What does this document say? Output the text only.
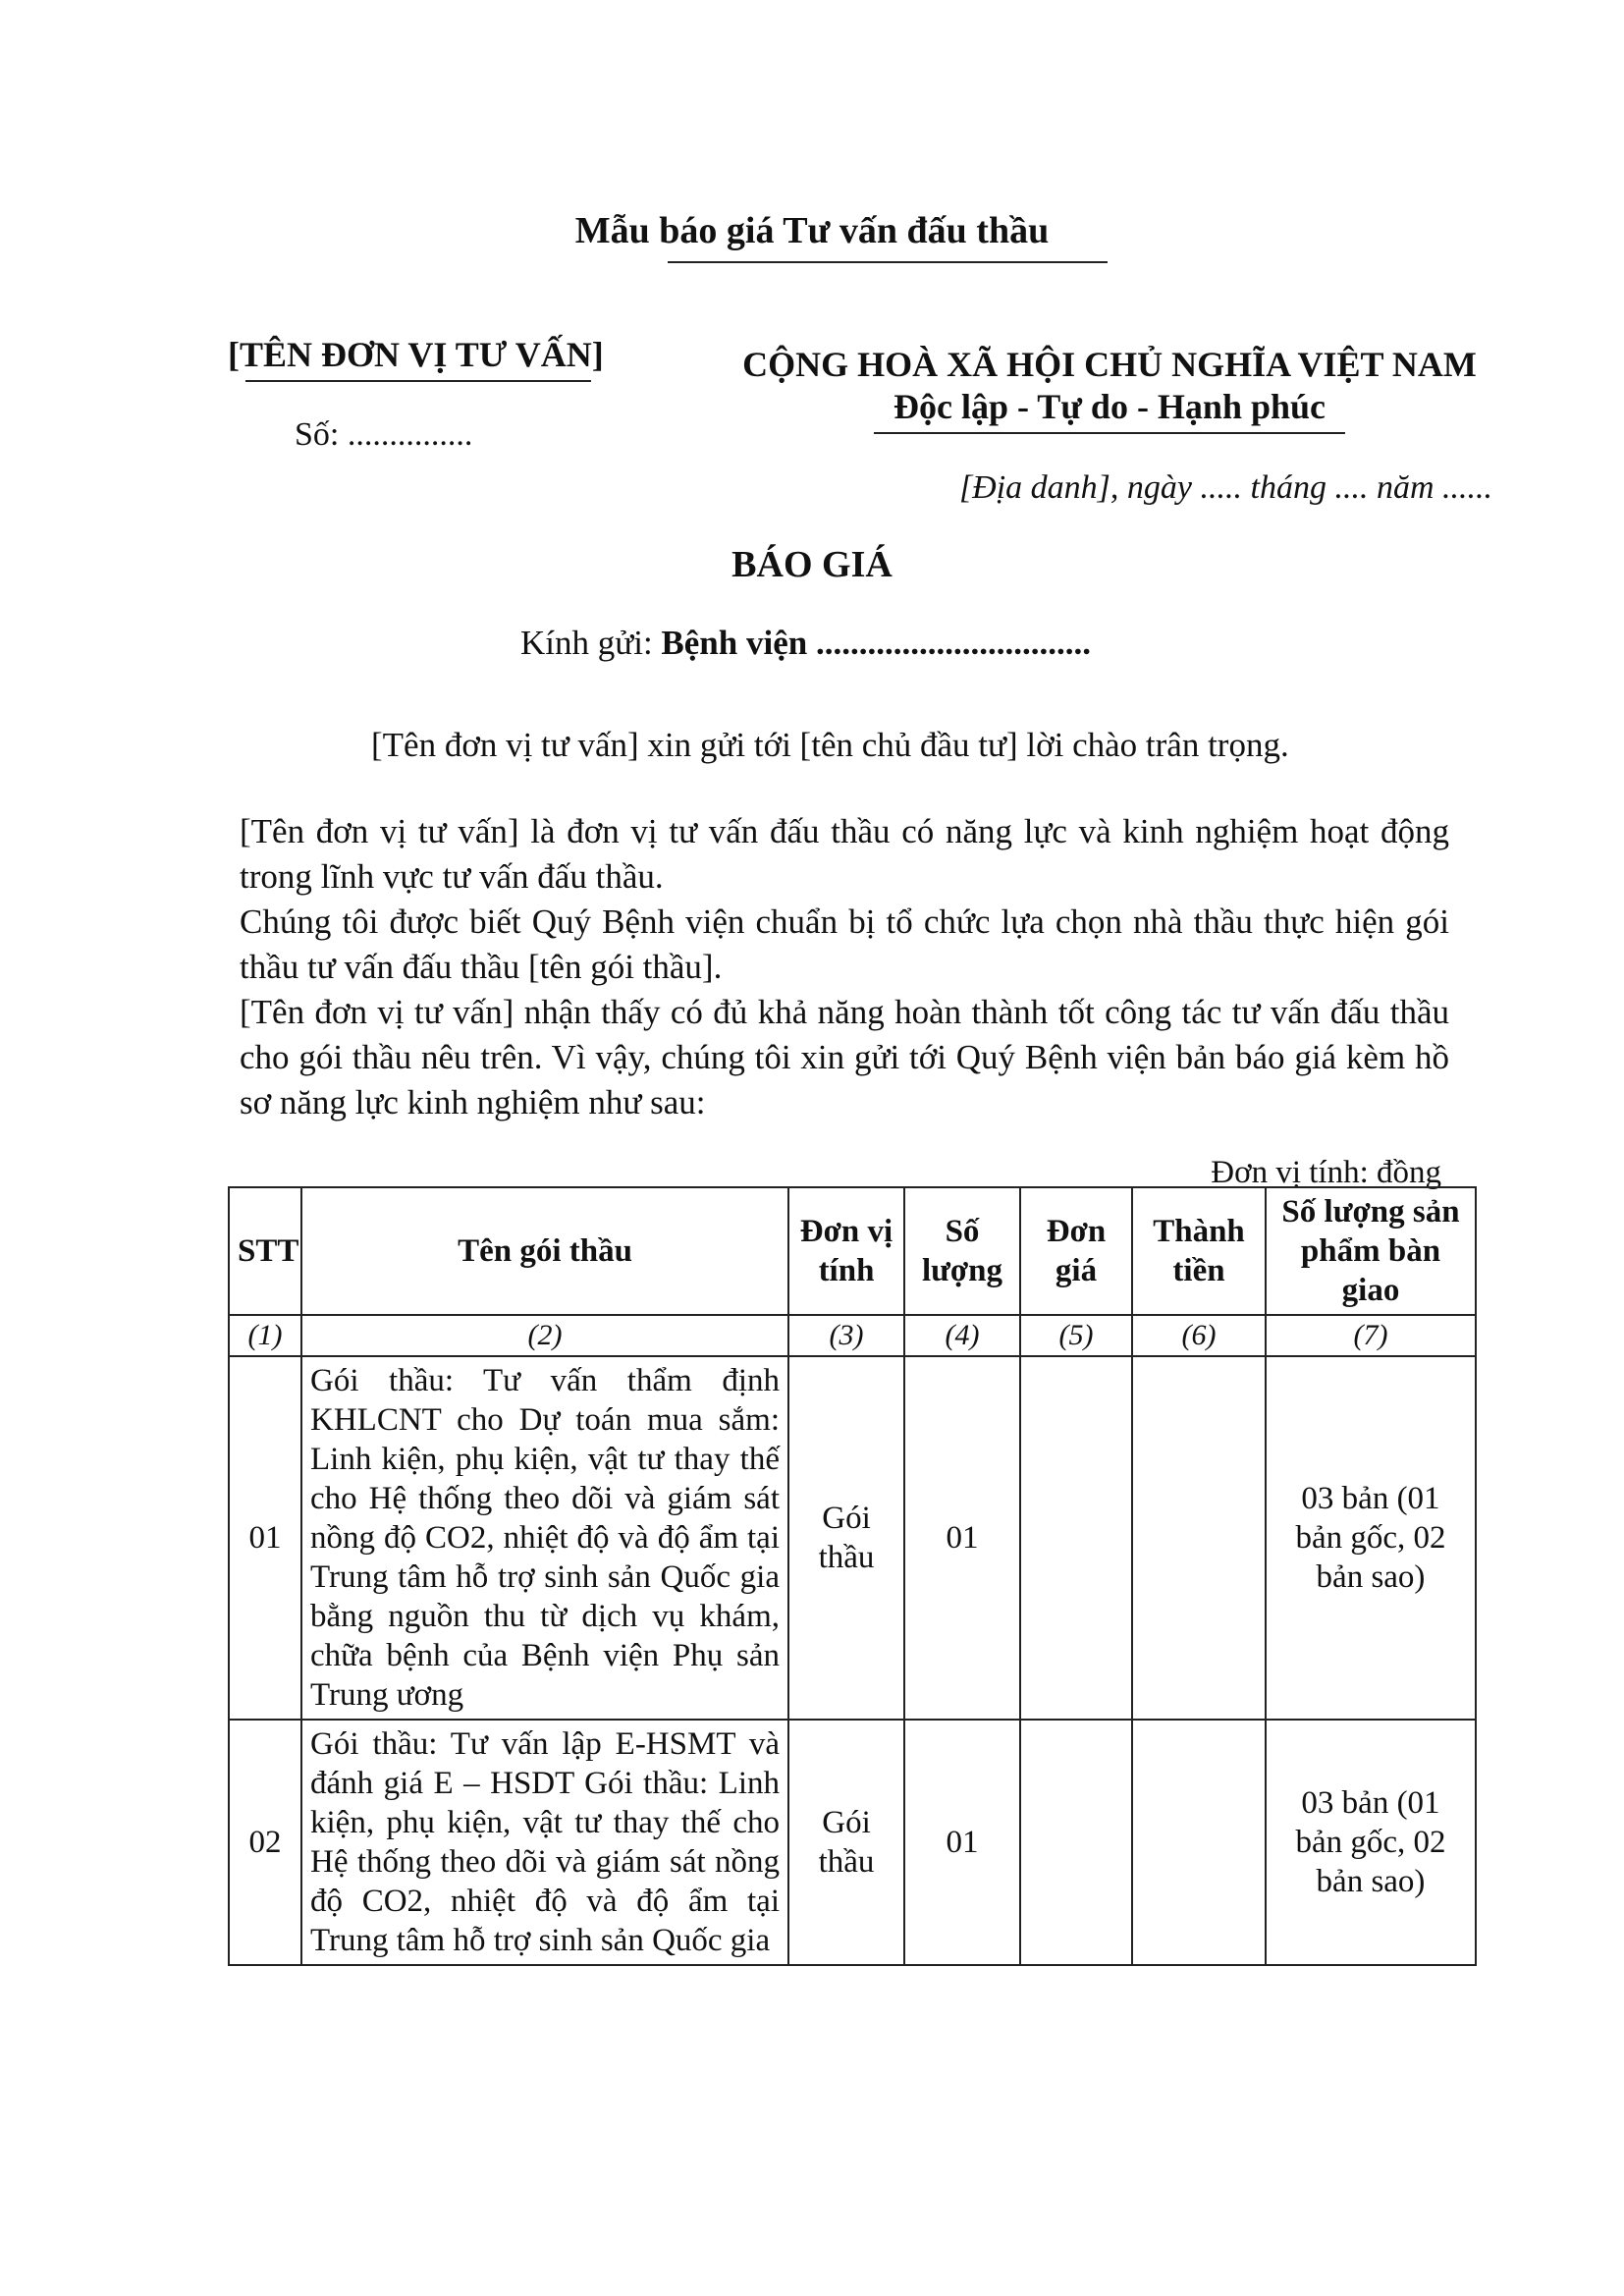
Mẫu báo giá Tư vấn đấu thầu
[TÊN ĐƠN VỊ TƯ VẤN]
Số: ...............
CỘNG HOÀ XÃ HỘI CHỦ NGHĨA VIỆT NAM
Độc lập - Tự do - Hạnh phúc
[Địa danh], ngày ..... tháng .... năm ......
BÁO GIÁ
Kính gửi: Bệnh viện ................................
[Tên đơn vị tư vấn] xin gửi tới [tên chủ đầu tư] lời chào trân trọng.

[Tên đơn vị tư vấn] là đơn vị tư vấn đấu thầu có năng lực và kinh nghiệm hoạt động trong lĩnh vực tư vấn đấu thầu.

Chúng tôi được biết Quý Bệnh viện chuẩn bị tổ chức lựa chọn nhà thầu thực hiện gói thầu tư vấn đấu thầu [tên gói thầu].

[Tên đơn vị tư vấn] nhận thấy có đủ khả năng hoàn thành tốt công tác tư vấn đấu thầu cho gói thầu nêu trên. Vì vậy, chúng tôi xin gửi tới Quý Bệnh viện bản báo giá kèm hồ sơ năng lực kinh nghiệm như sau:

Đơn vị tính: đồng
STT	Tên gói thầu	Đơn vị tính	Số lượng	Đơn giá	Thành tiền	Số lượng sản phẩm bàn giao
(1)	(2)	(3)	(4)	(5)	(6)	(7)
01	Gói thầu: Tư vấn thẩm định KHLCNT cho Dự toán mua sắm: Linh kiện, phụ kiện, vật tư thay thế cho Hệ thống theo dõi và giám sát nồng độ CO2, nhiệt độ và độ ẩm tại Trung tâm hỗ trợ sinh sản Quốc gia bằng nguồn thu từ dịch vụ khám, chữa bệnh của Bệnh viện Phụ sản Trung ương	Gói thầu	01			03 bản (01 bản gốc, 02 bản sao)
02	Gói thầu: Tư vấn lập E-HSMT và đánh giá E – HSDT Gói thầu: Linh kiện, phụ kiện, vật tư thay thế cho Hệ thống theo dõi và giám sát nồng độ CO2, nhiệt độ và độ ẩm tại Trung tâm hỗ trợ sinh sản Quốc gia	Gói thầu	01			03 bản (01 bản gốc, 02 bản sao)
